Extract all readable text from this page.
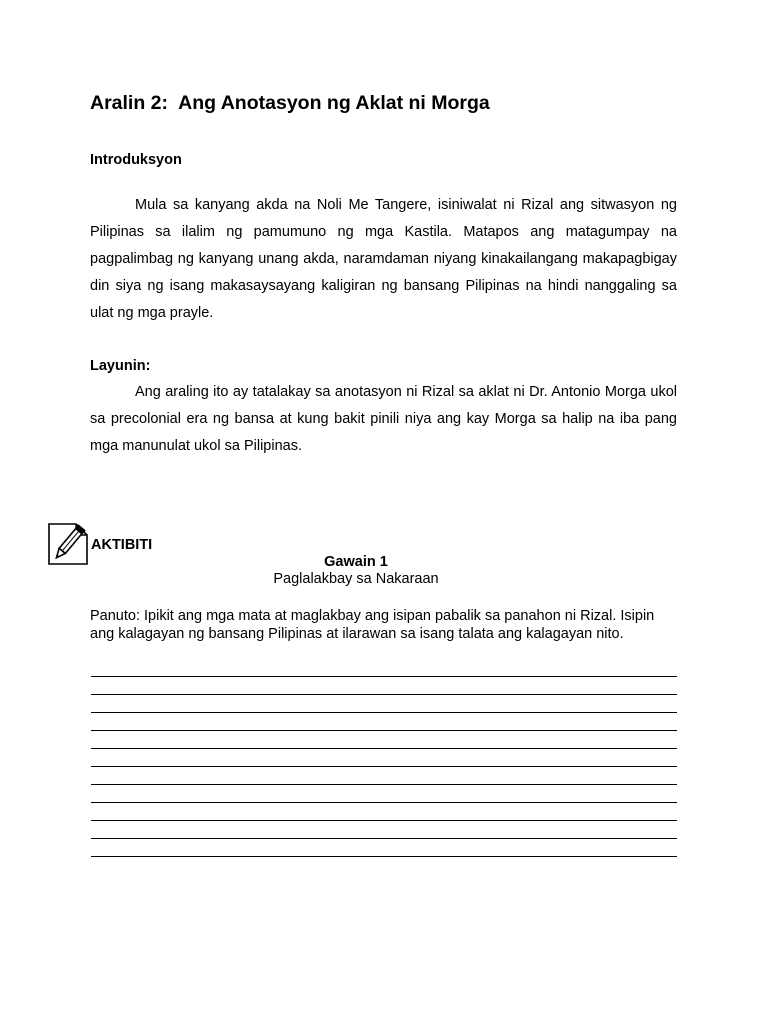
Aralin 2:  Ang Anotasyon ng Aklat ni Morga
Introduksyon

Mula sa kanyang akda na Noli Me Tangere, isiniwalat ni Rizal ang sitwasyon ng Pilipinas sa ilalim ng pamumuno ng mga Kastila. Matapos ang matagumpay na pagpalimbag ng kanyang unang akda, naramdaman niyang kinakailangang makapagbigay din siya ng isang makasaysayang kaligiran ng bansang Pilipinas na hindi nanggaling sa ulat ng mga prayle.

Layunin:

Ang araling ito ay tatalakay sa anotasyon ni Rizal sa aklat ni Dr. Antonio Morga ukol sa precolonial era ng bansa at kung bakit pinili niya ang kay Morga sa halip na iba pang mga manunulat ukol sa Pilipinas.

AKTIBITI
Gawain 1
Paglalakbay sa Nakaraan

Panuto: Ipikit ang mga mata at maglakbay ang isipan pabalik sa panahon ni Rizal. Isipin ang kalagayan ng bansang Pilipinas at ilarawan sa isang talata ang kalagayan nito.
